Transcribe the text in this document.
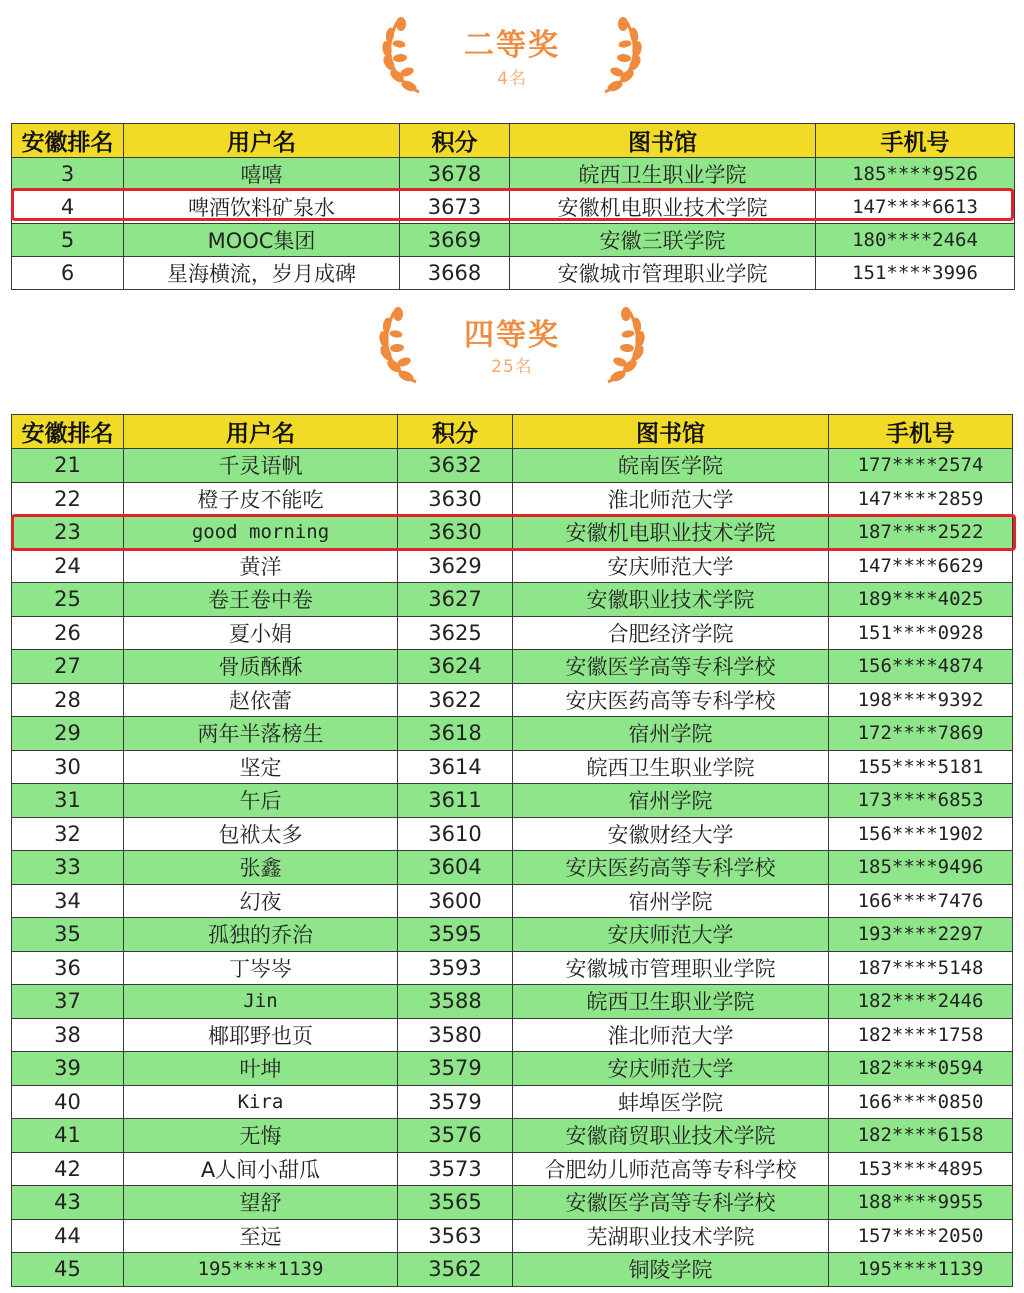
二等奖
4名
安徽排名	用户名	积分	图书馆	手机号
3	嘻嘻	3678	皖西卫生职业学院	185****9526
4	啤酒饮料矿泉水	3673	安徽机电职业技术学院	147****6613
5	MOOC集团	3669	安徽三联学院	180****2464
6	星海横流，岁月成碑	3668	安徽城市管理职业学院	151****3996
四等奖
25名
安徽排名	用户名	积分	图书馆	手机号
21	千灵语帆	3632	皖南医学院	177****2574
22	橙子皮不能吃	3630	淮北师范大学	147****2859
23	good morning	3630	安徽机电职业技术学院	187****2522
24	黄洋	3629	安庆师范大学	147****6629
25	卷王卷中卷	3627	安徽职业技术学院	189****4025
26	夏小娟	3625	合肥经济学院	151****0928
27	骨质酥酥	3624	安徽医学高等专科学校	156****4874
28	赵依蕾	3622	安庆医药高等专科学校	198****9392
29	两年半落榜生	3618	宿州学院	172****7869
30	坚定	3614	皖西卫生职业学院	155****5181
31	午后	3611	宿州学院	173****6853
32	包袱太多	3610	安徽财经大学	156****1902
33	张鑫	3604	安庆医药高等专科学校	185****9496
34	幻夜	3600	宿州学院	166****7476
35	孤独的乔治	3595	安庆师范大学	193****2297
36	丁岑岑	3593	安徽城市管理职业学院	187****5148
37	Jin	3588	皖西卫生职业学院	182****2446
38	椰耶野也页	3580	淮北师范大学	182****1758
39	叶坤	3579	安庆师范大学	182****0594
40	Kira	3579	蚌埠医学院	166****0850
41	无悔	3576	安徽商贸职业技术学院	182****6158
42	A人间小甜瓜	3573	合肥幼儿师范高等专科学校	153****4895
43	望舒	3565	安徽医学高等专科学校	188****9955
44	至远	3563	芜湖职业技术学院	157****2050
45	195****1139	3562	铜陵学院	195****1139
